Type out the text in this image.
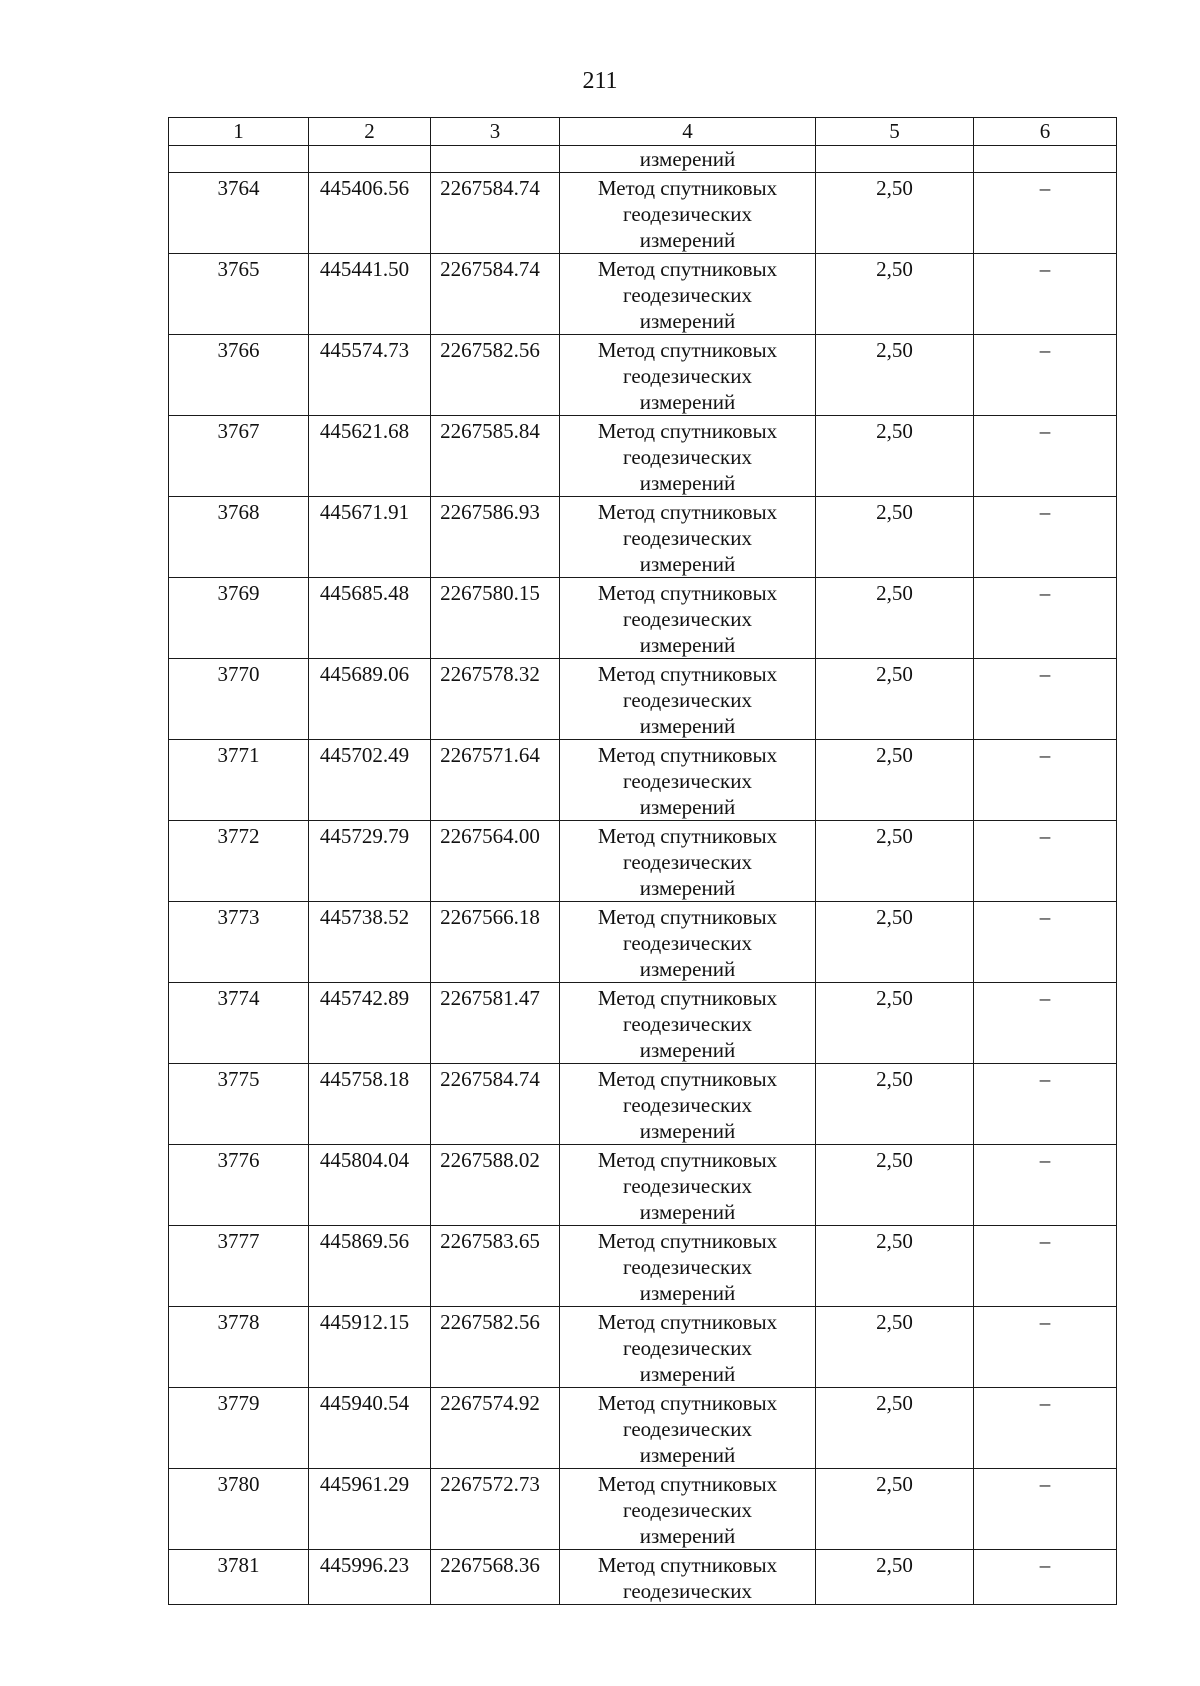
211
1	2	3	4	5	6
			измерений		
3764	445406.56	2267584.74	Метод спутниковых
геодезических
измерений	2,50	–
3765	445441.50	2267584.74	Метод спутниковых
геодезических
измерений	2,50	–
3766	445574.73	2267582.56	Метод спутниковых
геодезических
измерений	2,50	–
3767	445621.68	2267585.84	Метод спутниковых
геодезических
измерений	2,50	–
3768	445671.91	2267586.93	Метод спутниковых
геодезических
измерений	2,50	–
3769	445685.48	2267580.15	Метод спутниковых
геодезических
измерений	2,50	–
3770	445689.06	2267578.32	Метод спутниковых
геодезических
измерений	2,50	–
3771	445702.49	2267571.64	Метод спутниковых
геодезических
измерений	2,50	–
3772	445729.79	2267564.00	Метод спутниковых
геодезических
измерений	2,50	–
3773	445738.52	2267566.18	Метод спутниковых
геодезических
измерений	2,50	–
3774	445742.89	2267581.47	Метод спутниковых
геодезических
измерений	2,50	–
3775	445758.18	2267584.74	Метод спутниковых
геодезических
измерений	2,50	–
3776	445804.04	2267588.02	Метод спутниковых
геодезических
измерений	2,50	–
3777	445869.56	2267583.65	Метод спутниковых
геодезических
измерений	2,50	–
3778	445912.15	2267582.56	Метод спутниковых
геодезических
измерений	2,50	–
3779	445940.54	2267574.92	Метод спутниковых
геодезических
измерений	2,50	–
3780	445961.29	2267572.73	Метод спутниковых
геодезических
измерений	2,50	–
3781	445996.23	2267568.36	Метод спутниковых
геодезических	2,50	–
